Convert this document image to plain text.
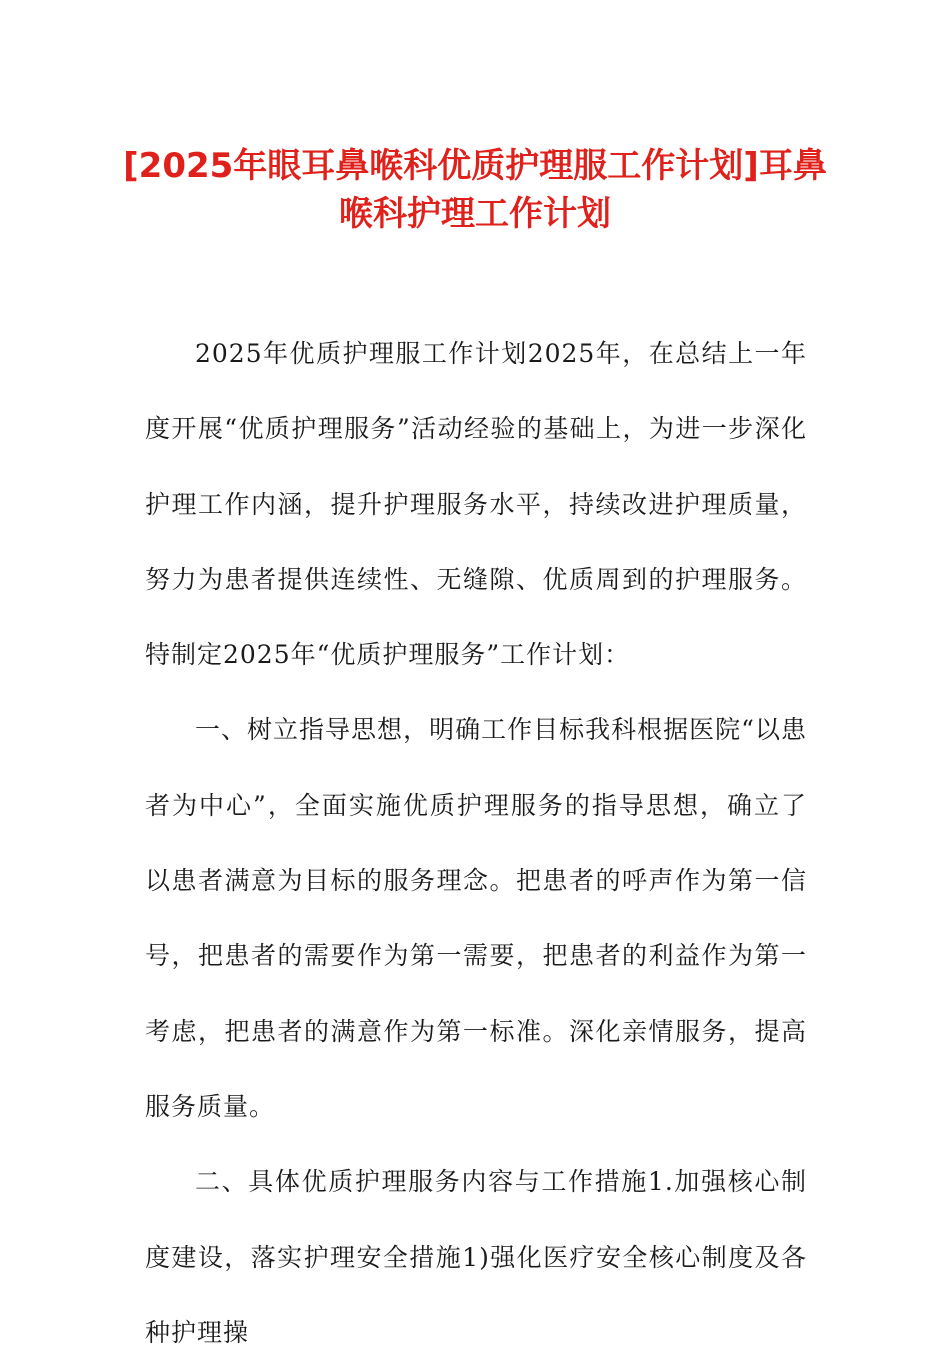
[2025年眼耳鼻喉科优质护理服工作计划]耳鼻喉科护理工作计划

2025年优质护理服工作计划2025年，在总结上一年度开展“优质护理服务”活动经验的基础上，为进一步深化护理工作内涵，提升护理服务水平，持续改进护理质量，努力为患者提供连续性、无缝隙、优质周到的护理服务。特制定2025年“优质护理服务”工作计划：

一、树立指导思想，明确工作目标我科根据医院“以患者为中心”，全面实施优质护理服务的指导思想，确立了以患者满意为目标的服务理念。把患者的呼声作为第一信号，把患者的需要作为第一需要，把患者的利益作为第一考虑，把患者的满意作为第一标准。深化亲情服务，提高服务质量。

二、具体优质护理服务内容与工作措施1.加强核心制度建设，落实护理安全措施1)强化医疗安全核心制度及各种护理操
